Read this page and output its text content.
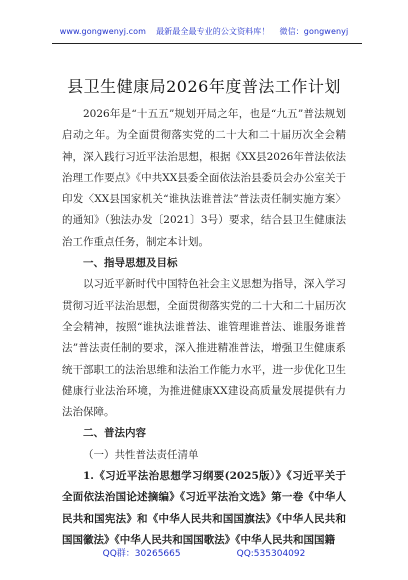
www.gongwenyj.com 最新最全最专业的公文资料库！ 微信：gongwenyj
县卫生健康局2026年度普法工作计划

2026年是“十五五”规划开局之年，也是“九五”普法规划启动之年。为全面贯彻落实党的二十大和二十届历次全会精神，深入践行习近平法治思想，根据《XX县2026年普法依法治理工作要点》《中共XX县委全面依法治县委员会办公室关于印发〈XX县国家机关“谁执法谁普法”普法责任制实施方案〉的通知》（独法办发〔2021〕3号）要求，结合县卫生健康法治工作重点任务，制定本计划。

一、指导思想及目标

以习近平新时代中国特色社会主义思想为指导，深入学习贯彻习近平法治思想，全面贯彻落实党的二十大和二十届历次全会精神，按照“谁执法谁普法、谁管理谁普法、谁服务谁普法”普法责任制的要求，深入推进精准普法，增强卫生健康系统干部职工的法治思维和法治工作能力水平，进一步优化卫生健康行业法治环境，为推进健康XX建设高质量发展提供有力法治保障。

二、普法内容

（一）共性普法责任清单

1.《习近平法治思想学习纲要(2025版）》《习近平关于全面依法治国论述摘编》《习近平法治文选》第一卷《中华人民共和国宪法》和《中华人民共和国国旗法》《中华人民共和国国徽法》《中华人民共和国国歌法》《中华人民共和国国籍

QQ群：30265665	QQ:535304092
